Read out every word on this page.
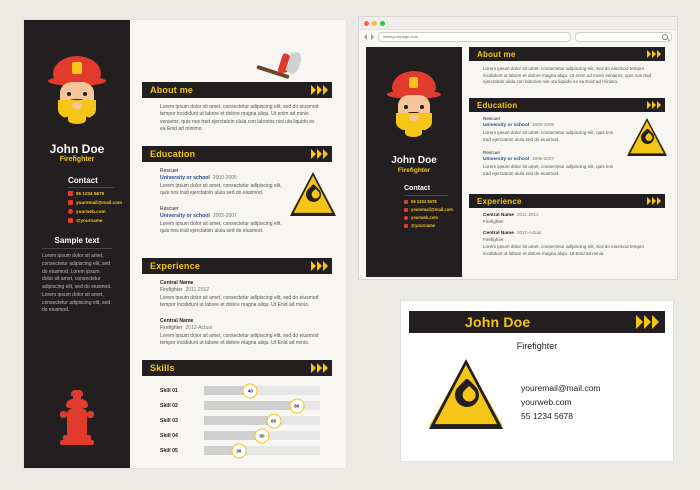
John Doe
Firefighter
Contact
55 1234 5678
youremail@mail.com
yourweb.com
@yourname
Sample text
Lorem ipsum dolor sit amet, consectetur adipiscing elit, sed do eiusmod. Lorem ipsum dolor sit amet, consectetur adipiscing elit, sed do eiusmod. Lorem ipsum dolor sit amet, consectetur adipiscing elit, sed do eiusmod.
About me
Lorem ipsum dolor sit amet, consectetur adipiscing elit, sed do eiusmod tempor incididunt ut labore et dolore magna aliqu. Ut enim ad minio veniams, quis nos trad ejerctatoin ulula con laborios nisi uta liquido ex ea Enid ad minimo.
Education
Rescuer
University or school 2000-2005
Lorem ipsum dolor sit amet, consectetur adipiscing elit, quis nos trad ejerctatoin ulula sed do eiusmod.
Rescuer
University or school 2005-2007
Lorem ipsum dolor sit amet, consectetur adipiscing elit, quis nos trad ejerctatoin ulula sed do eiusmod.
Experience
Central Name
Firefighter 2011-2012
Lorem ipsum dolor sit amet, consectetur adipiscing elit, sed do eiusmod tempor incididunt ut labore et dolore magna aliqu. Ut Enid ad minio.
Central Name
Firefighter 2012-Actual
Lorem ipsum dolor sit amet, consectetur adipiscing elit, sed do eiusmod tempor incididunt ut labore et dolore magna aliqu. Ut Enid ad minio.
Skills
Skill 01	40
Skill 02	80
Skill 03	60
Skill 04	50
Skill 05	30
www.yourpage.com
John Doe
Firefighter
Contact
55 1234 5678
youremail@mail.com
yourweb.com
@yourname
About me
Lorem ipsum dolor sit amet, consectetur adipiscing elit, sed do eiusmod tempor incididunt ut labore et dolore magna aliqu. Ut enim ad minio veniams, quis nos trad ejerctatoin ulula con laborios nisi uta liquido ex ea Enid ad minimo.
Education
Rescuer
University or school 2000-2005
Lorem ipsum dolor sit amet, consectetur adipiscing elit, quis nos trad ejerctatoin ulula sed do eiusmod.
Rescuer
University or school 2005-2007
Lorem ipsum dolor sit amet, consectetur adipiscing elit, quis nos trad ejerctatoin ulula sed do eiusmod.
Experience
Central Name 2011-2012
Firefighter
Central Name 2012-Actual
Firefighter
Lorem ipsum dolor sit amet, consectetur adipiscing elit, sed do eiusmod tempor incididunt ut labore et dolore magna aliqu. Ut Enid ad minio.
John Doe
Firefighter
youremail@mail.com
yourweb.com
55 1234 5678
